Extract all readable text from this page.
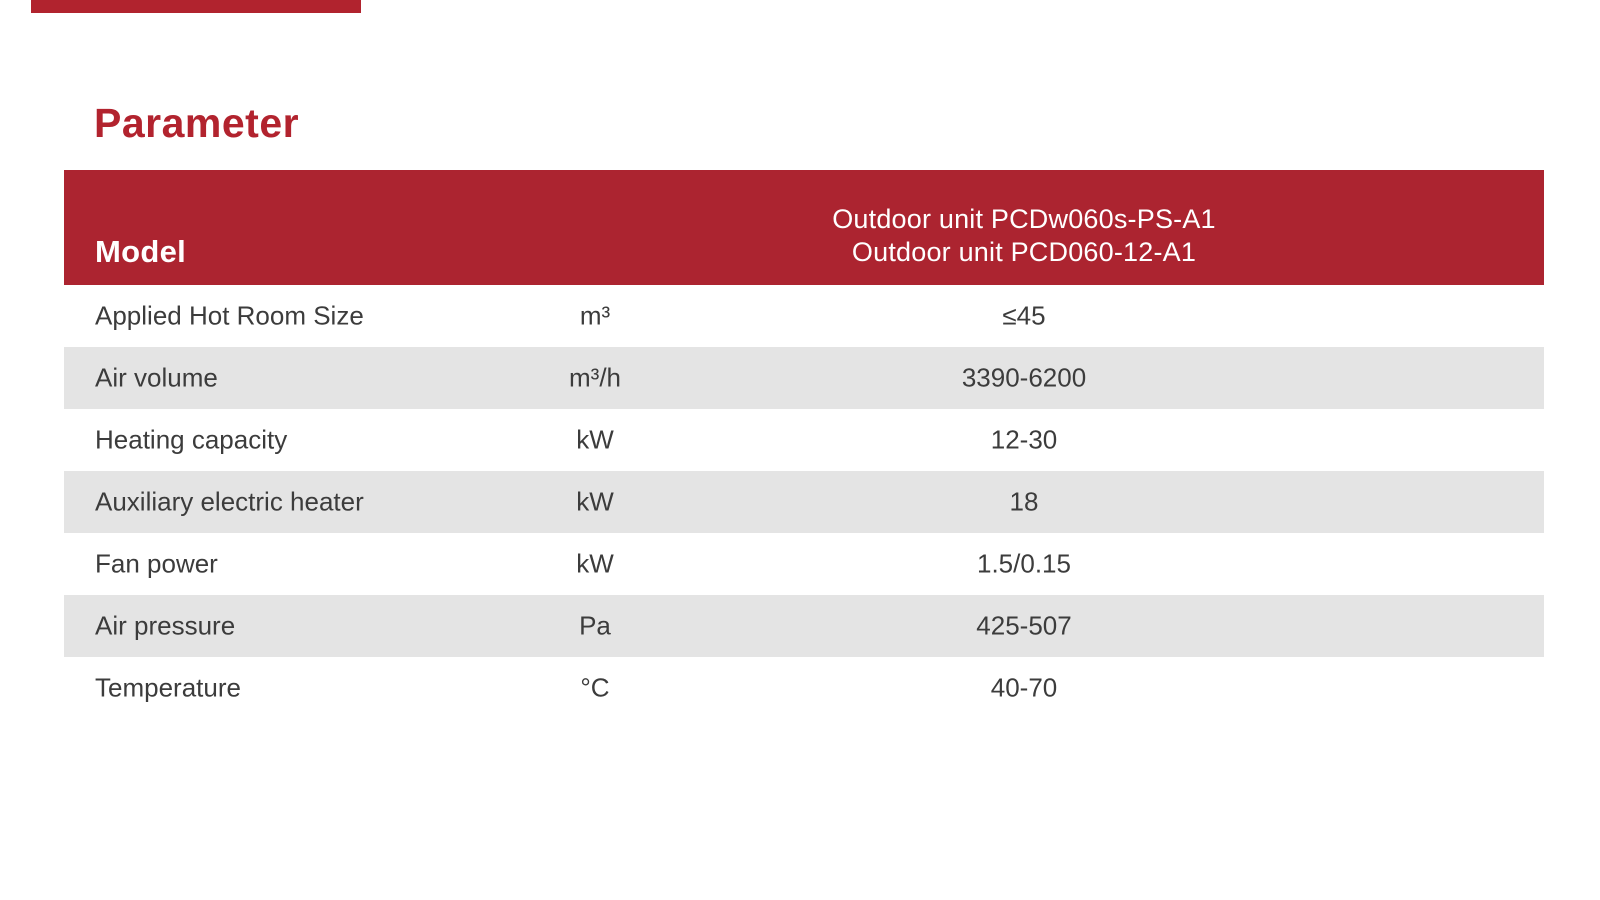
Parameter
Model
Outdoor unit PCDw060s-PS-A1
Outdoor unit PCD060-12-A1
Applied Hot Room Size	m³	≤45
Air volume	m³/h	3390-6200
Heating capacity	kW	12-30
Auxiliary electric heater	kW	18
Fan power	kW	1.5/0.15
Air pressure	Pa	425-507
Temperature	°C	40-70
